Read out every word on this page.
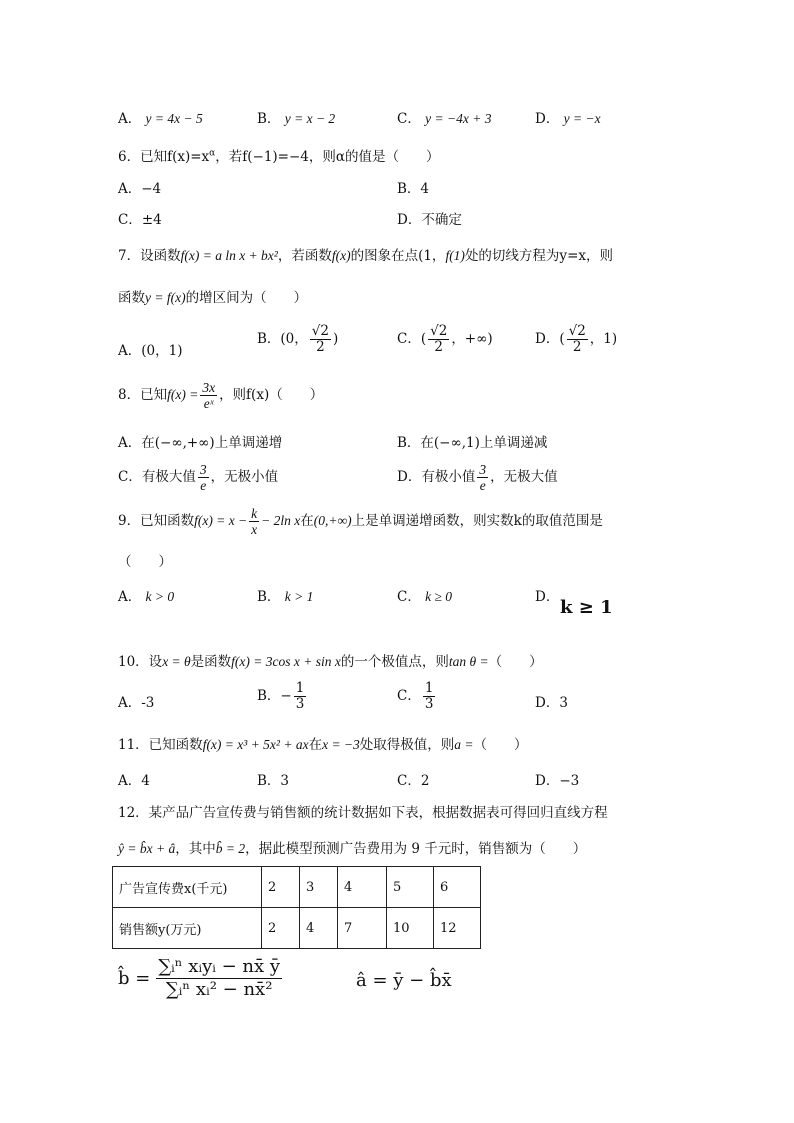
A． y = 4x − 5	B． y = x − 2	C． y = −4x + 3	D． y = −x
6．已知$f(x)=x^\alpha$，若f(−1)=−4，则α的值是（　　）
A．−4	B．4
C．±4	D．不确定
7．设函数f(x) = a ln x + bx²，若函数f(x)的图象在点(1，f(1)处的切线方程为y=x，则
函数y = f(x)的增区间为（　　）
A．(0，1)
B．(0， $\frac{√2}{2}$ )	C．( $\frac{√2}{2}$ ，+∞)	D．( $\frac{√2}{2}$ ，1)
8．已知$f(x) = \frac{3x}{\text{eˣ}}$ ，则f(x)（　　）
A．在(−∞,+∞)上单调递增	B．在(−∞,1)上单调递减
C．有极大值 $\frac{3}{e}$ ，无极小值	D．有极小值 $\frac{3}{e}$ ，无极大值
9．已知函数$f(x) = x - \frac{k}{x} - 2\ln$ x在(0,+∞)上是单调递增函数，则实数k的取值范围是
（　　）
A． k > 0	B． k > 1	C． k ≥ 0	D． k ≥ 1
10．设x = θ是函数f(x) = 3cos x + sin x的一个极值点，则tan θ =（　　）
A．-3	B．− $\frac{1}{3}$	C． $\frac{1}{3}$	D．3
11．已知函数f(x) = x³ + 5x² + ax在x = −3处取得极值，则a =（　　）
A．4	B．3	C．2	D．−3
12．某产品广告宣传费与销售额的统计数据如下表，根据数据表可得回归直线方程
ŷ = b̂x + â，其中b̂ = 2，据此模型预测广告费用为 9 千元时，销售额为（　　）
广告宣传费x(千元)	2	3	4	5	6
销售额y(万元)	2	4	7	10	12
b̂ = $\frac{\text{∑ᵢⁿ xᵢyᵢ − nx̄ ȳ}}{\text{∑ᵢⁿ xᵢ² − nx̄²}}$	â = ȳ − b̂x̄
